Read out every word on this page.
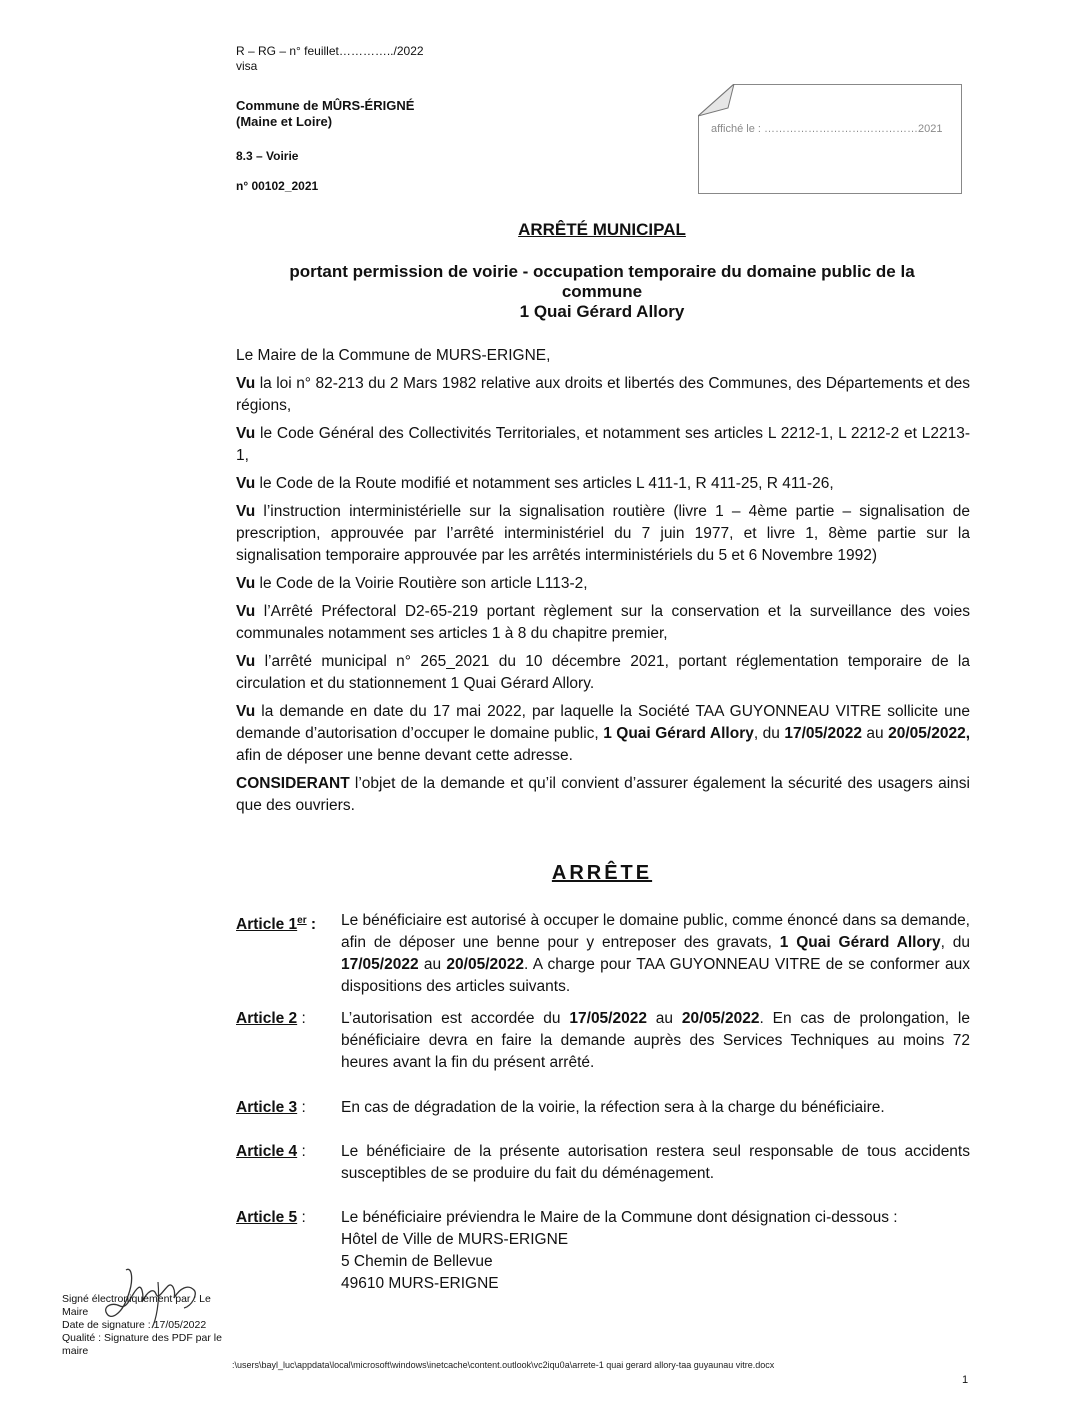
R – RG – n° feuillet…………../2022
visa
Commune de MÛRS-ÉRIGNÉ
(Maine et Loire)
8.3 – Voirie
n° 00102_2021
affiché le : ……………………………………2021
ARRÊTÉ MUNICIPAL
portant permission de voirie - occupation temporaire du domaine public de la
commune
1 Quai Gérard Allory

Le Maire de la Commune de MURS-ERIGNE,

Vu la loi n° 82-213 du 2 Mars 1982 relative aux droits et libertés des Communes, des Départements et des régions,

Vu le Code Général des Collectivités Territoriales, et notamment ses articles L 2212-1, L 2212-2 et L2213-1,

Vu le Code de la Route modifié et notamment ses articles L 411-1, R 411-25, R 411-26,

Vu l’instruction interministérielle sur la signalisation routière (livre 1 – 4ème partie – signalisation de prescription, approuvée par l’arrêté interministériel du 7 juin 1977, et livre 1, 8ème partie sur la signalisation temporaire approuvée par les arrêtés interministériels du 5 et 6 Novembre 1992)

Vu le Code de la Voirie Routière son article L113-2,

Vu l’Arrêté Préfectoral D2-65-219 portant règlement sur la conservation et la surveillance des voies communales notamment ses articles 1 à 8 du chapitre premier,

Vu l’arrêté municipal n° 265_2021 du 10 décembre 2021, portant réglementation temporaire de la circulation et du stationnement 1 Quai Gérard Allory.

Vu la demande en date du 17 mai 2022, par laquelle la Société TAA GUYONNEAU VITRE sollicite une demande d’autorisation d’occuper le domaine public, 1 Quai Gérard Allory, du 17/05/2022 au 20/05/2022, afin de déposer une benne devant cette adresse.

CONSIDERANT l’objet de la demande et qu’il convient d’assurer également la sécurité des usagers ainsi que des ouvriers.

ARRÊTE
Article 1er :	Le bénéficiaire est autorisé à occuper le domaine public, comme énoncé dans sa demande, afin de déposer une benne pour y entreposer des gravats, 1 Quai Gérard Allory, du 17/05/2022 au 20/05/2022. A charge pour TAA GUYONNEAU VITRE de se conformer aux dispositions des articles suivants.
Article 2 :	L’autorisation est accordée du 17/05/2022 au 20/05/2022. En cas de prolongation, le bénéficiaire devra en faire la demande auprès des Services Techniques au moins 72 heures avant la fin du présent arrêté.
Article 3 :	En cas de dégradation de la voirie, la réfection sera à la charge du bénéficiaire.
Article 4 :	Le bénéficiaire de la présente autorisation restera seul responsable de tous accidents susceptibles de se produire du fait du déménagement.
Article 5 :	Le bénéficiaire préviendra le Maire de la Commune dont désignation ci-dessous :
Hôtel de Ville de MURS-ERIGNE
5 Chemin de Bellevue
49610 MURS-ERIGNE
Signé électroniquement par : Le Maire
Date de signature : 17/05/2022
Qualité : Signature des PDF par le maire
:\users\bayl_luc\appdata\local\microsoft\windows\inetcache\content.outlook\vc2iqu0a\arrete-1 quai gerard allory-taa guyaunau vitre.docx
1
